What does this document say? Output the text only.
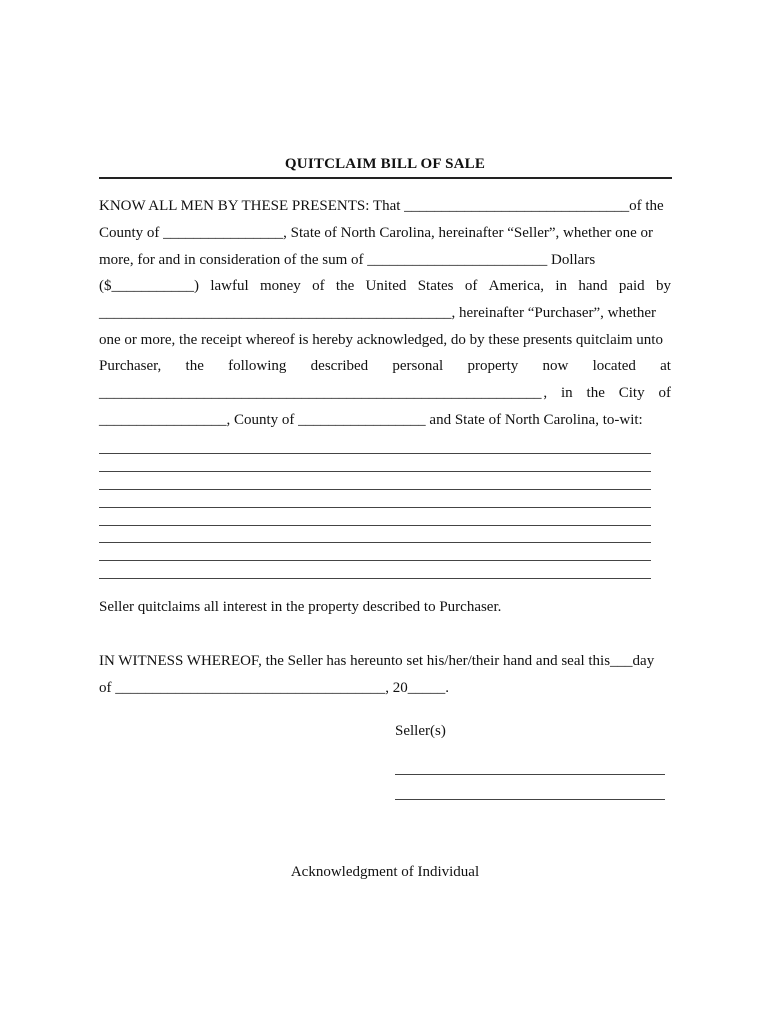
QUITCLAIM BILL OF SALE
KNOW ALL MEN BY THESE PRESENTS: That ______________________________of the
County of ________________, State of North Carolina, hereinafter “Seller”, whether one or
more, for and in consideration of the sum of ________________________ Dollars
($___________) lawful money of the United States of America, in hand paid by
_______________________________________________, hereinafter “Purchaser”, whether
one or more, the receipt whereof is hereby acknowledged, do by these presents quitclaim unto
Purchaser, the following described personal property now located at
___________________________________________________________ , in the City of
_________________, County of _________________ and State of North Carolina, to-wit:
Seller quitclaims all interest in the property described to Purchaser.
IN WITNESS WHEREOF, the Seller has hereunto set his/her/their hand and seal this___day
of ____________________________________, 20_____.
Seller(s)
Acknowledgment of Individual
